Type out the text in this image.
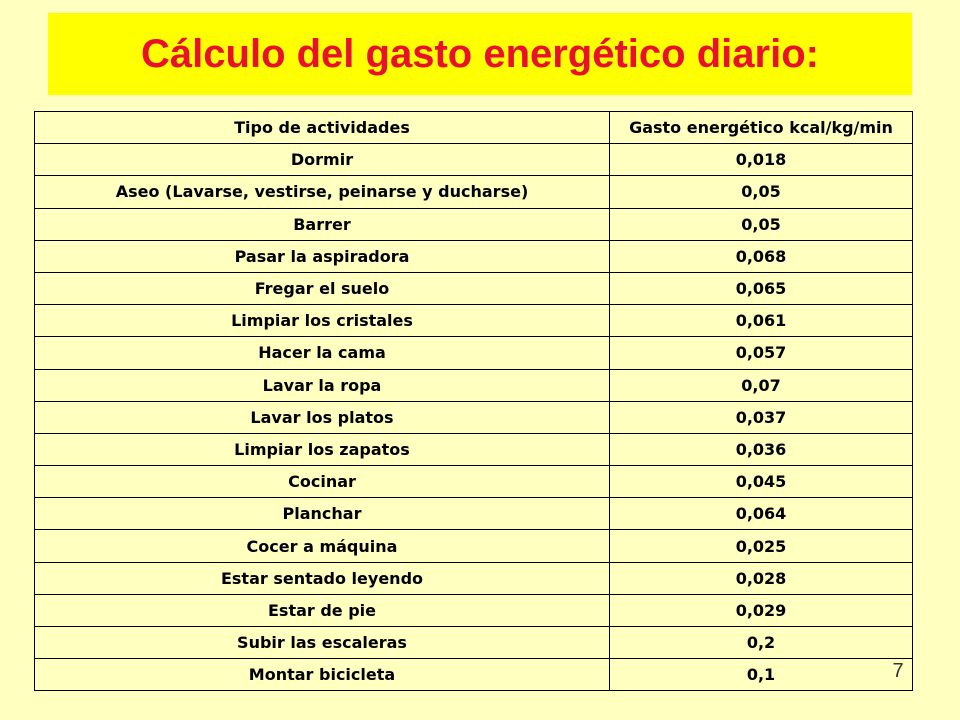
Cálculo del gasto energético diario:
Tipo de actividades	Gasto energético kcal/kg/min
Dormir	0,018
Aseo (Lavarse, vestirse, peinarse y ducharse)	0,05
Barrer	0,05
Pasar la aspiradora	0,068
Fregar el suelo	0,065
Limpiar los cristales	0,061
Hacer la cama	0,057
Lavar la ropa	0,07
Lavar los platos	0,037
Limpiar los zapatos	0,036
Cocinar	0,045
Planchar	0,064
Cocer a máquina	0,025
Estar sentado leyendo	0,028
Estar de pie	0,029
Subir las escaleras	0,2
Montar bicicleta	0,1	7
